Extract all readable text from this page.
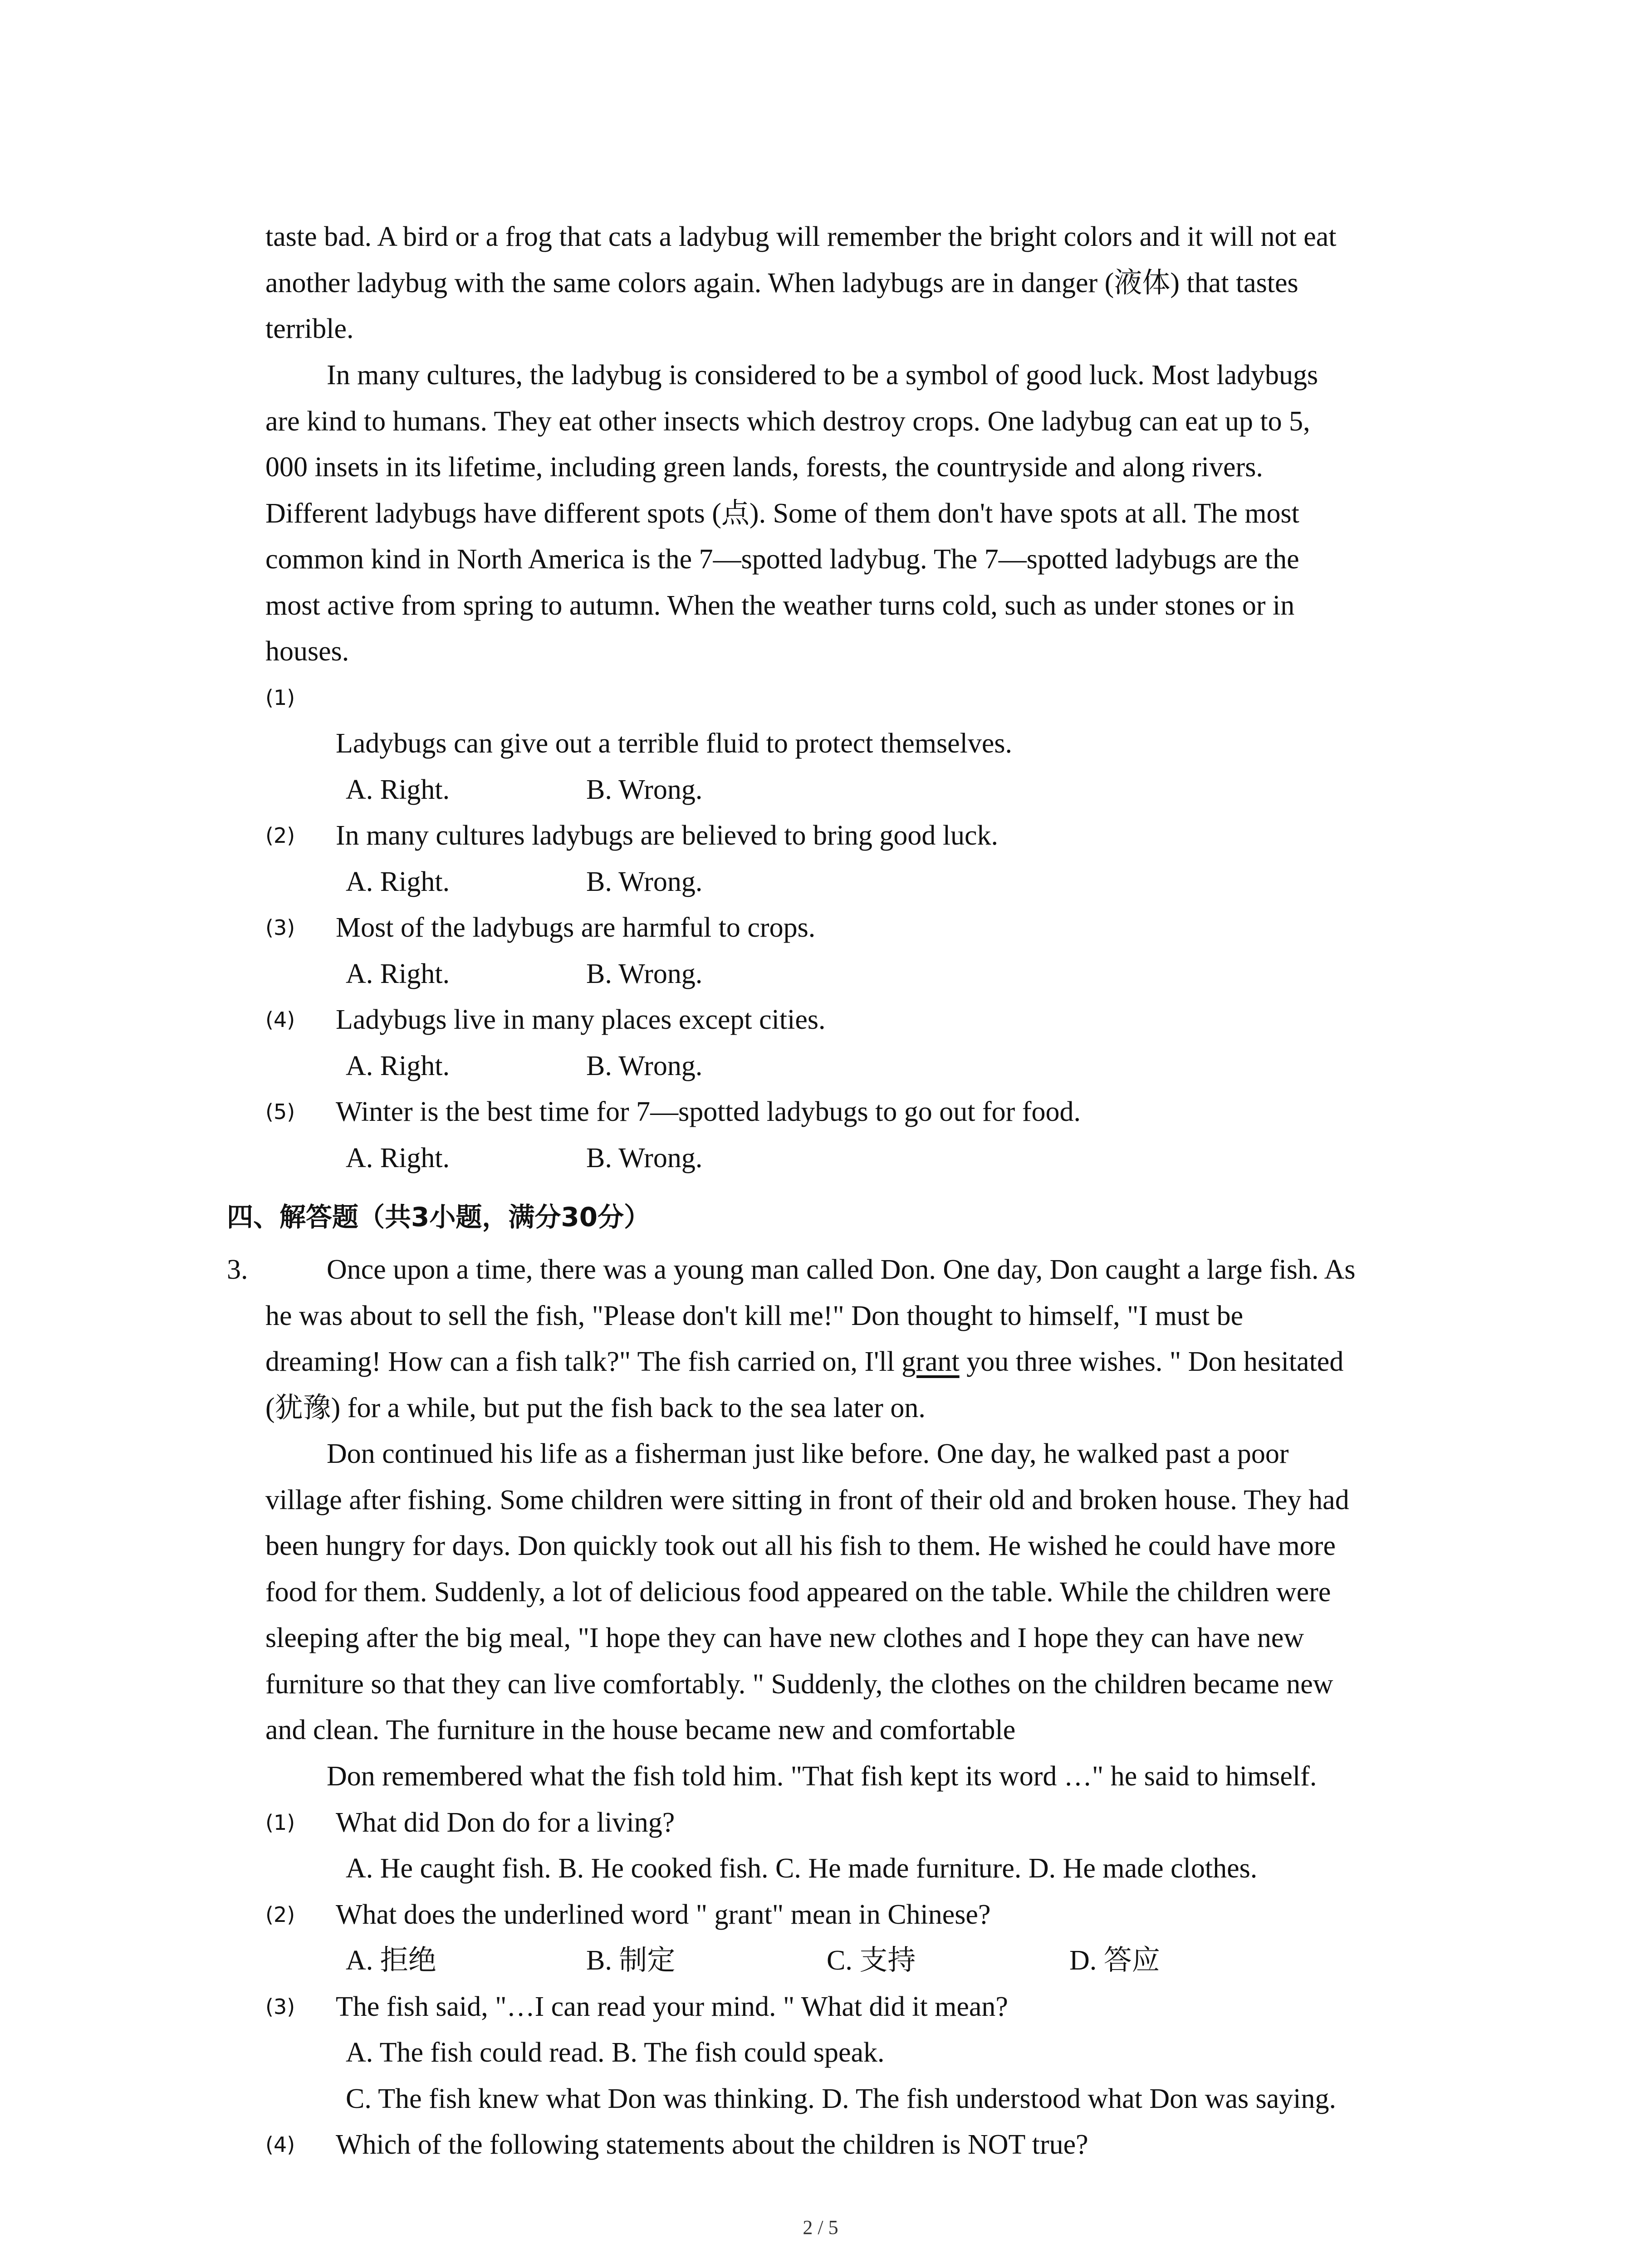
taste bad. A bird or a frog that cats a ladybug will remember the bright colors and it will not eat
another ladybug with the same colors again. When ladybugs are in danger (液体) that tastes
terrible.
In many cultures, the ladybug is considered to be a symbol of good luck. Most ladybugs
are kind to humans. They eat other insects which destroy crops. One ladybug can eat up to 5,
000 insets in its lifetime, including green lands, forests, the countryside and along rivers.
Different ladybugs have different spots (点). Some of them don't have spots at all. The most
common kind in North America is the 7—spotted ladybug. The 7—spotted ladybugs are the
most active from spring to autumn. When the weather turns cold, such as under stones or in
houses.
(1)
Ladybugs can give out a terrible fluid to protect themselves.
A. Right.	B. Wrong.
(2) In many cultures ladybugs are believed to bring good luck.
A. Right.	B. Wrong.
(3) Most of the ladybugs are harmful to crops.
A. Right.	B. Wrong.
(4) Ladybugs live in many places except cities.
A. Right.	B. Wrong.
(5) Winter is the best time for 7—spotted ladybugs to go out for food.
A. Right.	B. Wrong.
四、解答题（共3小题，满分30分）
3.	Once upon a time, there was a young man called Don. One day, Don caught a large fish. As
he was about to sell the fish, "Please don't kill me!" Don thought to himself, "I must be
dreaming! How can a fish talk?" The fish carried on, I'll grant you three wishes. " Don hesitated
(犹豫) for a while, but put the fish back to the sea later on.
Don continued his life as a fisherman just like before. One day, he walked past a poor
village after fishing. Some children were sitting in front of their old and broken house. They had
been hungry for days. Don quickly took out all his fish to them. He wished he could have more
food for them. Suddenly, a lot of delicious food appeared on the table. While the children were
sleeping after the big meal, "I hope they can have new clothes and I hope they can have new
furniture so that they can live comfortably. " Suddenly, the clothes on the children became new
and clean. The furniture in the house became new and comfortable
Don remembered what the fish told him. "That fish kept its word …" he said to himself.
(1) What did Don do for a living?
A. He caught fish. B. He cooked fish. C. He made furniture. D. He made clothes.
(2) What does the underlined word " grant" mean in Chinese?
A. 拒绝	B. 制定	C. 支持	D. 答应
(3) The fish said, "…I can read your mind. " What did it mean?
A. The fish could read. B. The fish could speak.
C. The fish knew what Don was thinking. D. The fish understood what Don was saying.
(4) Which of the following statements about the children is NOT true?
2 / 5
